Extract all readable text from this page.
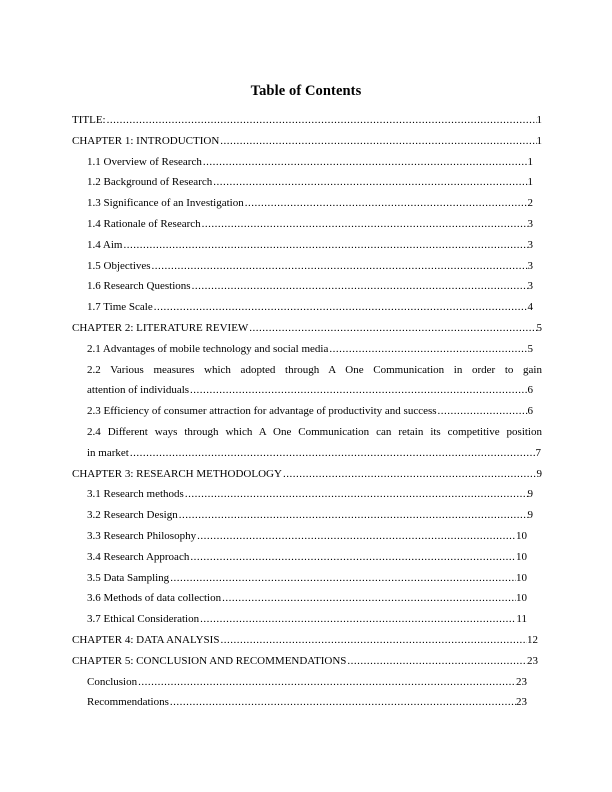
Table of Contents
TITLE: .....	1
CHAPTER 1: INTRODUCTION .....	1
1.1 Overview of Research .....	1
1.2 Background of Research .....	1
1.3 Significance of an Investigation .....	2
1.4 Rationale of Research .....	3
1.4 Aim .....	3
1.5 Objectives .....	3
1.6 Research Questions .....	3
1.7 Time Scale .....	4
CHAPTER 2: LITERATURE REVIEW .....	5
2.1 Advantages of mobile technology and social media .....	5
2.2 Various measures which adopted through A One Communication in order to gain
attention of individuals .....	6
2.3 Efficiency of consumer attraction for advantage of productivity and success .....	6
2.4 Different ways through which A One Communication can retain its competitive position
in market .....	7
CHAPTER 3: RESEARCH METHODOLOGY .....	9
3.1 Research methods .....	9
3.2 Research Design .....	9
3.3 Research Philosophy .....	10
3.4 Research Approach .....	10
3.5 Data Sampling .....	10
3.6 Methods of data collection .....	10
3.7 Ethical Consideration .....	11
CHAPTER 4: DATA ANALYSIS .....	12
CHAPTER 5: CONCLUSION AND RECOMMENDATIONS .....	23
Conclusion .....	23
Recommendations .....	23
